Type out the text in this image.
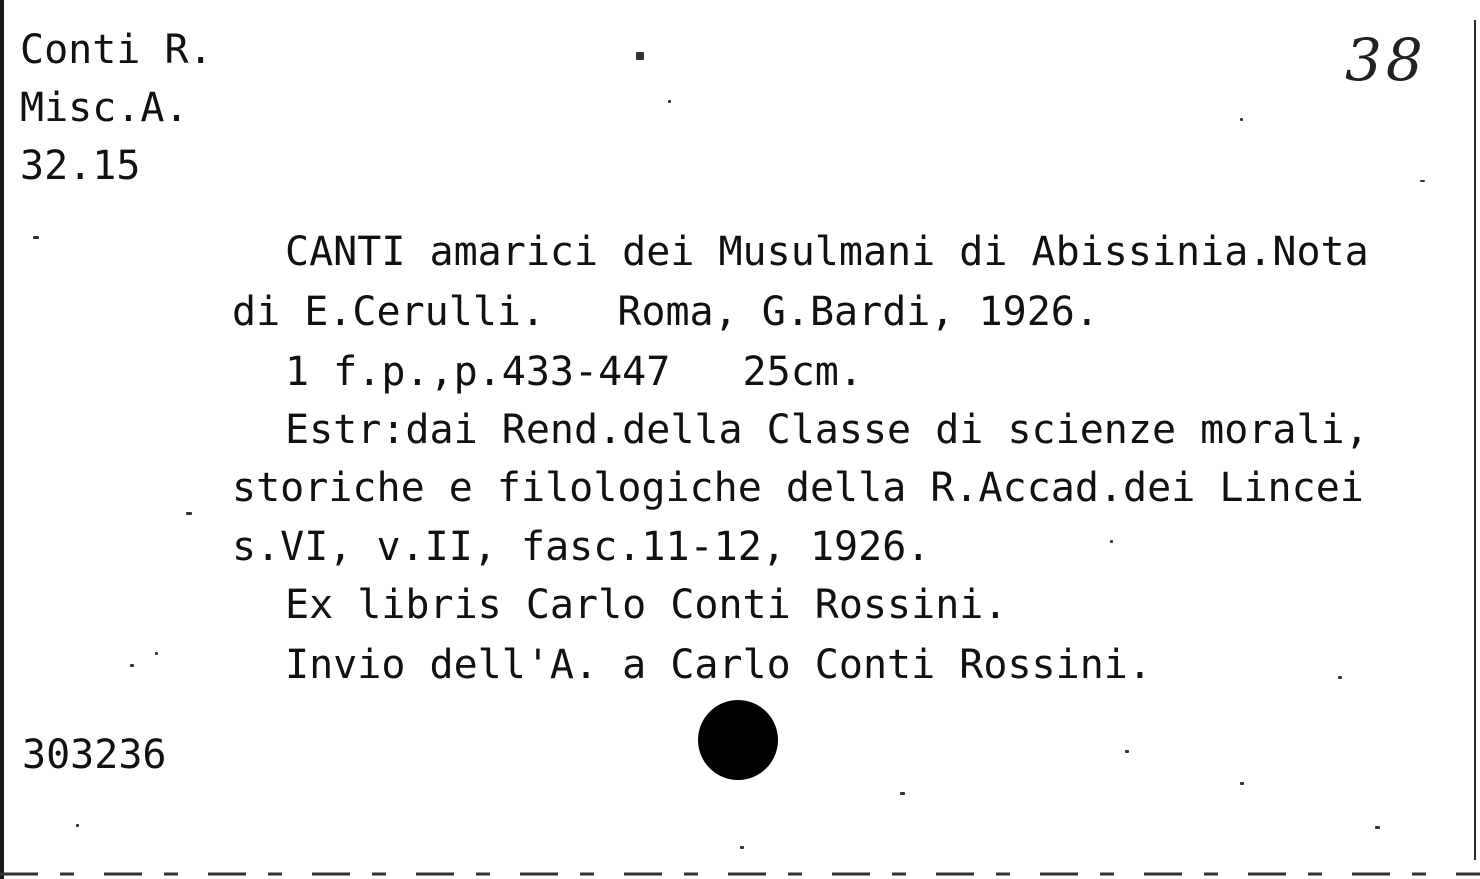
Conti R.
Misc.A.
32.15
38
CANTI amarici dei Musulmani di Abissinia.Nota
di E.Cerulli.   Roma, G.Bardi, 1926.
1 f.p.,p.433-447   25cm.
Estr:dai Rend.della Classe di scienze morali,
storiche e filologiche della R.Accad.dei Lincei
s.VI, v.II, fasc.11-12, 1926.
Ex libris Carlo Conti Rossini.
Invio dell'A. a Carlo Conti Rossini.
303236
